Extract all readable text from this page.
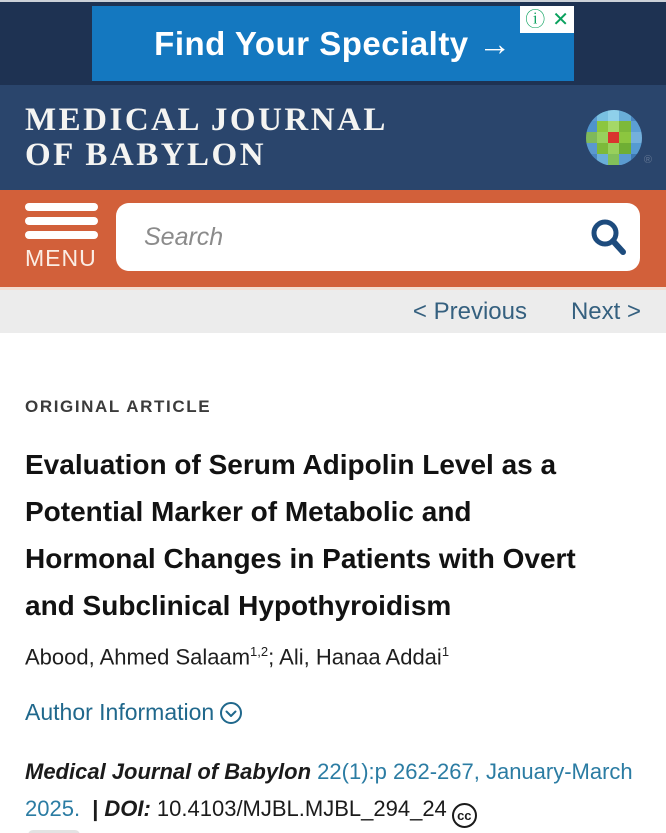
Find Your Specialty →
ⓘ ✕
MEDICAL JOURNAL
OF BABYLON	®
MENU
Search
< Previous Next >
ORIGINAL ARTICLE
Evaluation of Serum Adipolin Level as a
Potential Marker of Metabolic and
Hormonal Changes in Patients with Overt
and Subclinical Hypothyroidism
Abood, Ahmed Salaam$^{1,2}$; Ali, Hanaa Addai$^1$
Author Information

Medical Journal of Babylon 22(1):p 262-267, January-March 2025. | DOI: 10.4103/MJBL.MJBL_294_24 cc
